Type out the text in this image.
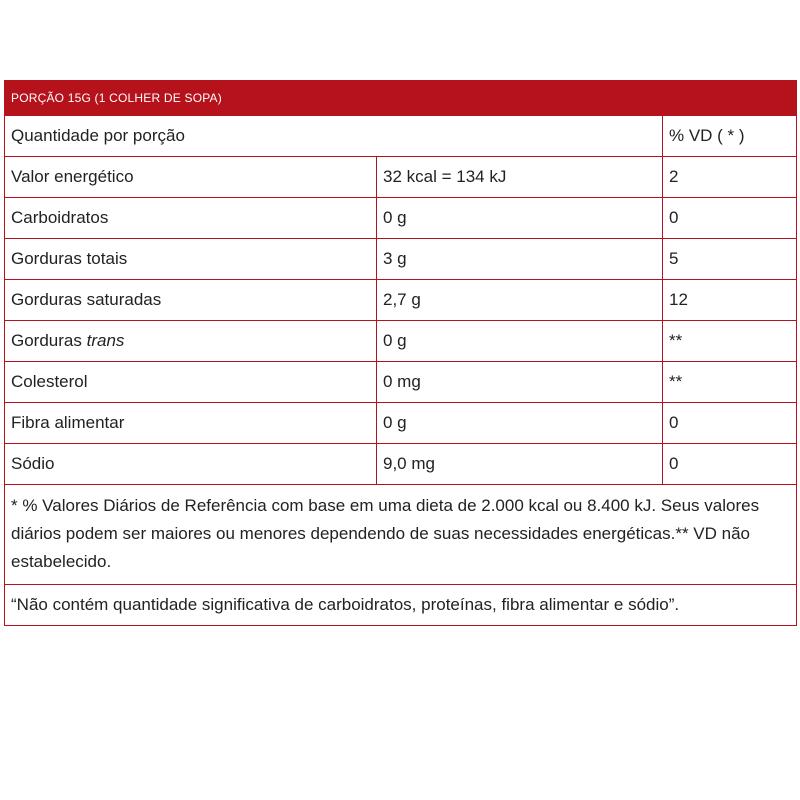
PORÇÃO 15G (1 COLHER DE SOPA)		
Quantidade por porção		% VD ( * )
Valor energético	32 kcal = 134 kJ	2
Carboidratos	0 g	0
Gorduras totais	3 g	5
Gorduras saturadas	2,7 g	12
Gorduras trans	0 g	**
Colesterol	0 mg	**
Fibra alimentar	0 g	0
Sódio	9,0 mg	0
* % Valores Diários de Referência com base em uma dieta de 2.000 kcal ou 8.400 kJ. Seus valores diários podem ser maiores ou menores dependendo de suas necessidades energéticas.** VD não estabelecido.		
“Não contém quantidade significativa de carboidratos, proteínas, fibra alimentar e sódio”.		
